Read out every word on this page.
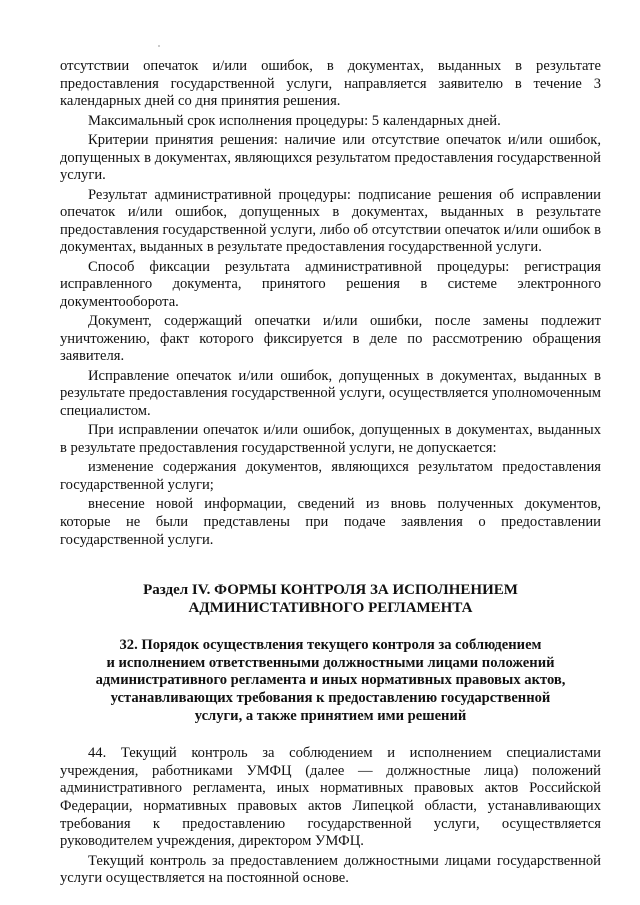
отсутствии опечаток и/или ошибок, в документах, выданных в результате предоставления государственной услуги, направляется заявителю в течение 3 календарных дней со дня принятия решения.

Максимальный срок исполнения процедуры: 5 календарных дней.

Критерии принятия решения: наличие или отсутствие опечаток и/или ошибок, допущенных в документах, являющихся результатом предоставления государственной услуги.

Результат административной процедуры: подписание решения об исправлении опечаток и/или ошибок, допущенных в документах, выданных в результате предоставления государственной услуги, либо об отсутствии опечаток и/или ошибок в документах, выданных в результате предоставления государственной услуги.

Способ фиксации результата административной процедуры: регистрация исправленного документа, принятого решения в системе электронного документооборота.

Документ, содержащий опечатки и/или ошибки, после замены подлежит уничтожению, факт которого фиксируется в деле по рассмотрению обращения заявителя.

Исправление опечаток и/или ошибок, допущенных в документах, выданных в результате предоставления государственной услуги, осуществляется уполномоченным специалистом.

При исправлении опечаток и/или ошибок, допущенных в документах, выданных в результате предоставления государственной услуги, не допускается:

изменение содержания документов, являющихся результатом предоставления государственной услуги;

внесение новой информации, сведений из вновь полученных документов, которые не были представлены при подаче заявления о предоставлении государственной услуги.

Раздел IV. ФОРМЫ КОНТРОЛЯ ЗА ИСПОЛНЕНИЕМ
АДМИНИСТАТИВНОГО РЕГЛАМЕНТА
32. Порядок осуществления текущего контроля за соблюдением
и исполнением ответственными должностными лицами положений
административного регламента и иных нормативных правовых актов,
устанавливающих требования к предоставлению государственной
услуги, а также принятием ими решений

44. Текущий контроль за соблюдением и исполнением специалистами учреждения, работниками УМФЦ (далее — должностные лица) положений административного регламента, иных нормативных правовых актов Российской Федерации, нормативных правовых актов Липецкой области, устанавливающих требования к предоставлению государственной услуги, осуществляется руководителем учреждения, директором УМФЦ.

Текущий контроль за предоставлением должностными лицами государственной услуги осуществляется на постоянной основе.
